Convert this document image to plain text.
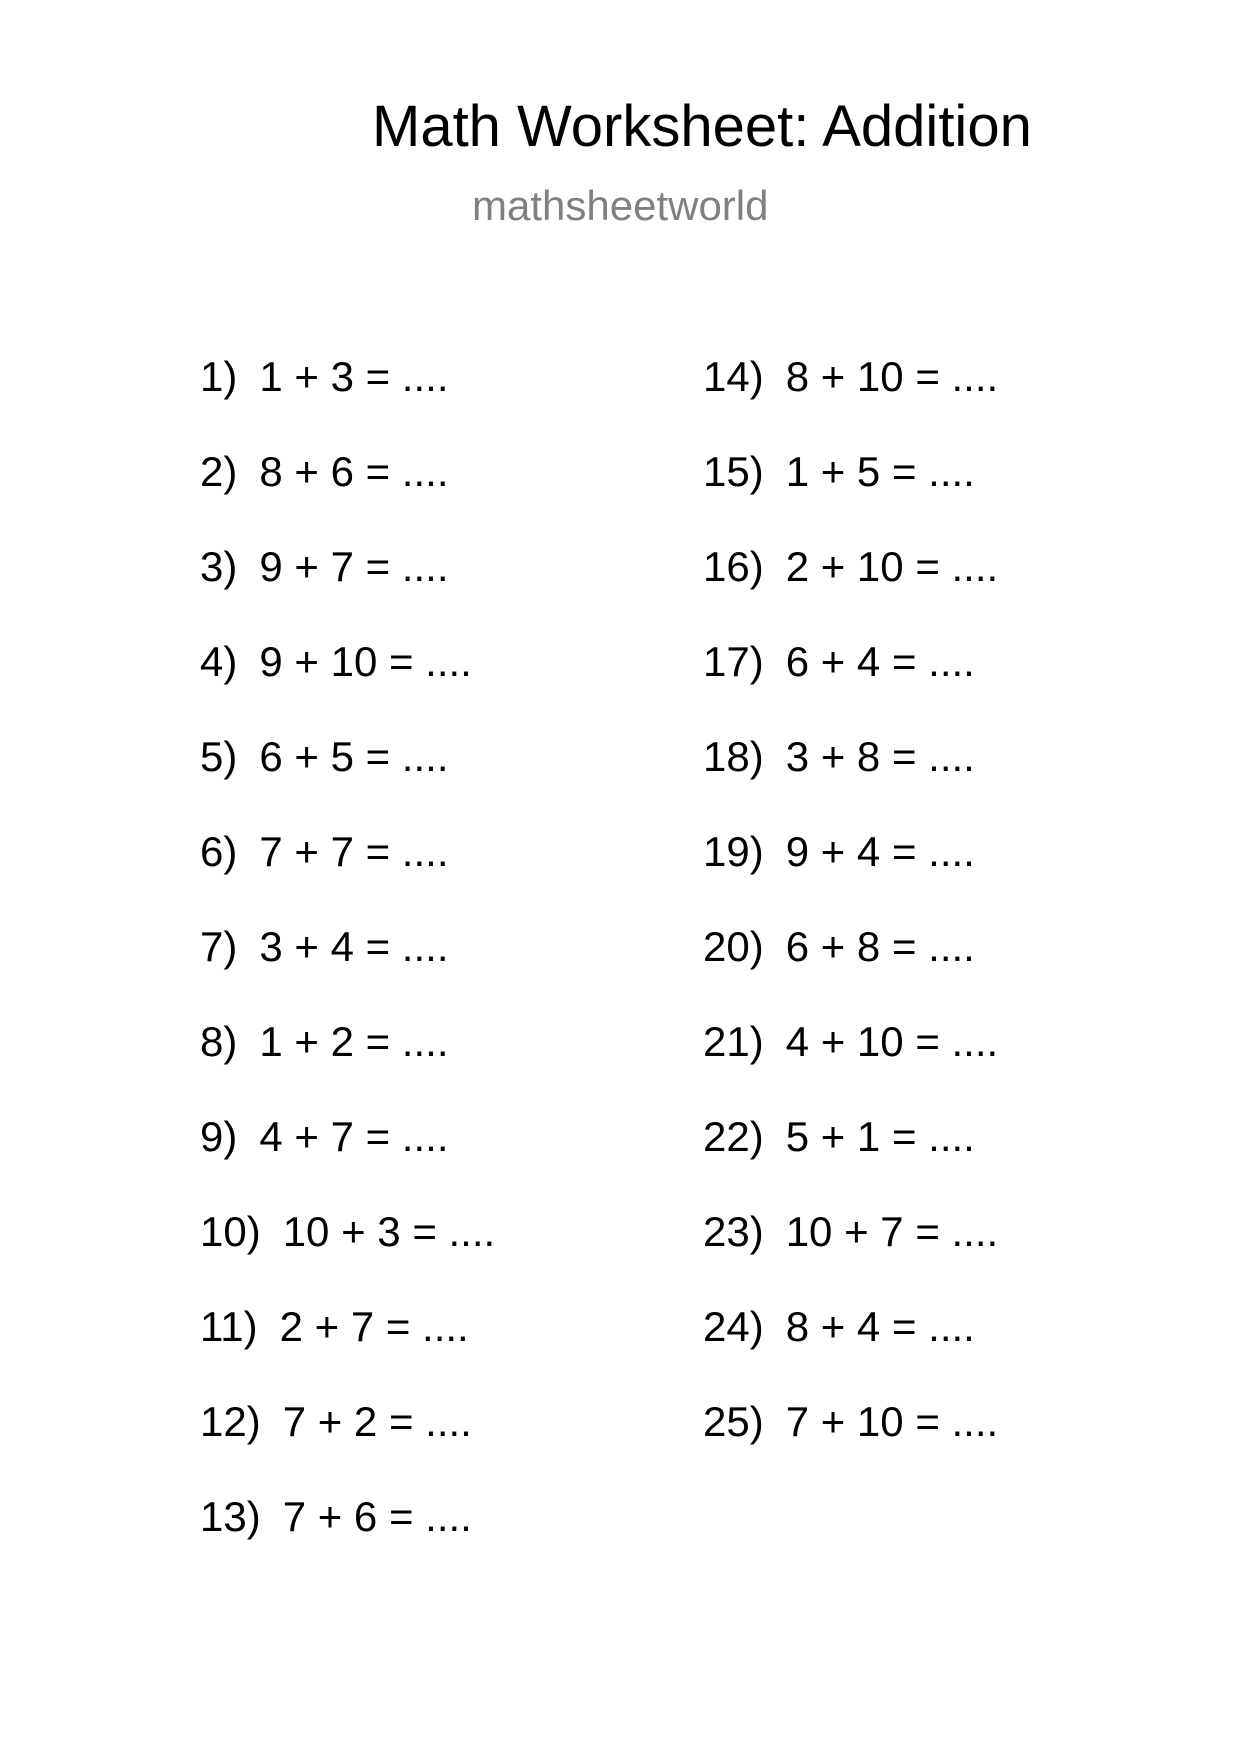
Math Worksheet: Addition
mathsheetworld
1) 1 + 3 = ....
2) 8 + 6 = ....
3) 9 + 7 = ....
4) 9 + 10 = ....
5) 6 + 5 = ....
6) 7 + 7 = ....
7) 3 + 4 = ....
8) 1 + 2 = ....
9) 4 + 7 = ....
10) 10 + 3 = ....
11) 2 + 7 = ....
12) 7 + 2 = ....
13) 7 + 6 = ....
14) 8 + 10 = ....
15) 1 + 5 = ....
16) 2 + 10 = ....
17) 6 + 4 = ....
18) 3 + 8 = ....
19) 9 + 4 = ....
20) 6 + 8 = ....
21) 4 + 10 = ....
22) 5 + 1 = ....
23) 10 + 7 = ....
24) 8 + 4 = ....
25) 7 + 10 = ....
